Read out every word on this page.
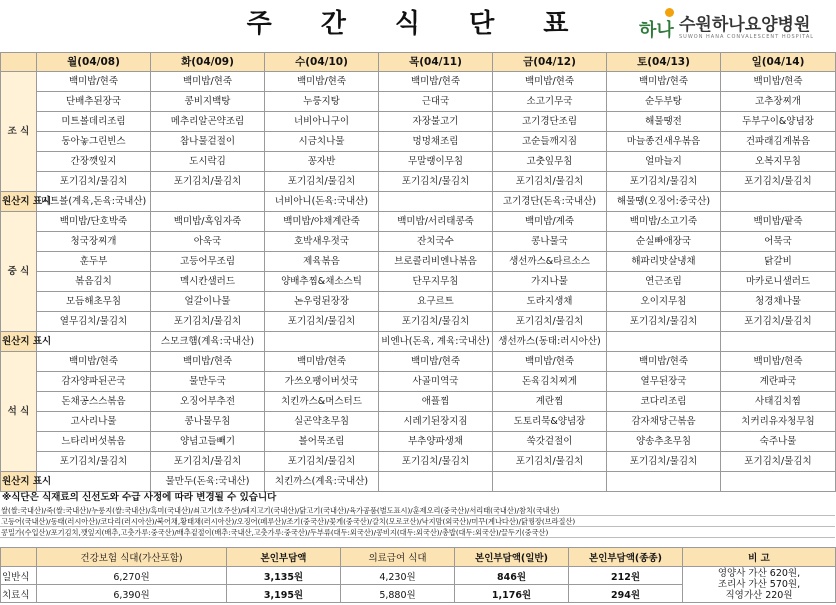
주 간 식 단 표	하나 수원하나요양병원
SUWON HANA CONVALESCENT HOSPITAL
	월(04/08)	화(04/09)	수(04/10)	목(04/11)	금(04/12)	토(04/13)	일(04/14)
조 식	백미밥/현죽	백미밥/현죽	백미밥/현죽	백미밥/현죽	백미밥/현죽	백미밥/현죽	백미밥/현죽
	단배추된장국	콩비지백탕	누룽지탕	근대국	소고기무국	순두부탕	고추장찌개
	미트볼데리조림	메추리알곤약조림	너비아니구이	자장불고기	고기경단조림	해물땡전	두부구이&양념장
	동아놓그린빈스	참나물겉절이	시금치나물	멍멍채조림	고순들깨지짐	마늘종건새우볶음	건파래김계볶음
	간장깻잎지	도시락김	꽁자반	무말랭이무침	고춧잎무침	얼마늘지	오복지무침
	포기김치/물김치	포기김치/물김치	포기김치/물김치	포기김치/물김치	포기김치/물김치	포기김치/물김치	포기김치/물김치
원산지 표시	미트볼(계육,돈육:국내산)		너비아니(돈육:국내산)		고기경단(돈육:국내산)	해물땡(오징어:중국산)	
중 식	백미밥/단호박죽	백미밥/흑임자죽	백미밥/야채계란죽	백미밥/서리태콩죽	백미밥/계죽	백미밥/소고기죽	백미밥/팥죽
	청국장찌개	아욱국	호박새우젓국	잔치국수	콩나물국	순실빠애장국	어묵국
	훈두부	고등어무조림	제육볶음	브로콜리비엔나볶음	생선까스&타르소스	해파리맛살냉채	닭갈비
	볶음김치	멕시칸샐러드	양배추찜&채소스틱	단무지무침	가지나물	연근조림	마카로니샐러드
	모듬해초무침	얼갈이나물	논우렁된장장	요구르트	도라지생채	오이지무침	청경채나물
	열무김치/물김치	포기김치/물김치	포기김치/물김치	포기김치/물김치	포기김치/물김치	포기김치/물김치	포기김치/물김치
원산지 표시		스모크햄(계육:국내산)		비엔나(돈육, 계육:국내산)	생선까스(동태:러시아산)		
석 식	백미밥/현죽	백미밥/현죽	백미밥/현죽	백미밥/현죽	백미밥/현죽	백미밥/현죽	백미밥/현죽
	감자양파된곤국	물만두국	가쓰오팽이버섯국	사골미역국	돈육김치찌게	열무된장국	계란파국
	돈채공스스볶음	오징어부추전	치킨까스&머스터드	애플찜	계란찜	코다리조림	사태김치찜
	고사리나물	콩나물무침	실곤약초무침	시레기된장지짐	도토리묵&양념장	감자채당근볶음	치커리유자청무침
	느타리버섯볶음	양념고들빼기	볼어묵조림	부추양파생채	쑥갓겉절이	양송추초무침	숙주나물
	포기김치/물김치	포기김치/물김치	포기김치/물김치	포기김치/물김치	포기김치/물김치	포기김치/물김치	포기김치/물김치
원산지 표시		물만두(돈육:국내산)	치킨까스(계육:국내산)				
※식단은 식재료의 신선도와 수급 사정에 따라 변경될 수 있습니다
쌀(쌀:국내산)/죽(쌀:국내산)/누룽지(쌀:국내산)/흑미(국내산)/쇠고기(호주산)/돼지고기(국내산)/닭고기(국내산)/육가공품(별도표시)/훈제오리(중국산)/서리태(국내산)/참치(국내산)
고등어(국내산)/동태(러시아산)/코다리(러시아산)/북어채,황태채(러시아산)/오징어(페루산)/조기(중국산)/꽃게(중국산)/갈치(모로코산)/낙지맘(외국산)/미꾸(계나다산)/닭꿩장(브라질산)
콩밀가(수입산)/포기김치,깻잎지(배추,고춧가루:중국산)/배추겉절이(배추:국내산,고춧가루:중국산)/두부류(대두:외국산)/콩비지(대두:외국산)/총밥(대두:외국산)/끌두기(중국산)
	건강보험 식대(가산포함)	본인부담액	의료급여 식대	본인부담액(일반)	본인부담액(종종)	비 고
일반식	6,270원	3,135원	4,230원	846원	212원	영양사 가산 620원,
조리사 가산 570원,
직영가산 220원
치료식	6,390원	3,195원	5,880원	1,176원	294원	
